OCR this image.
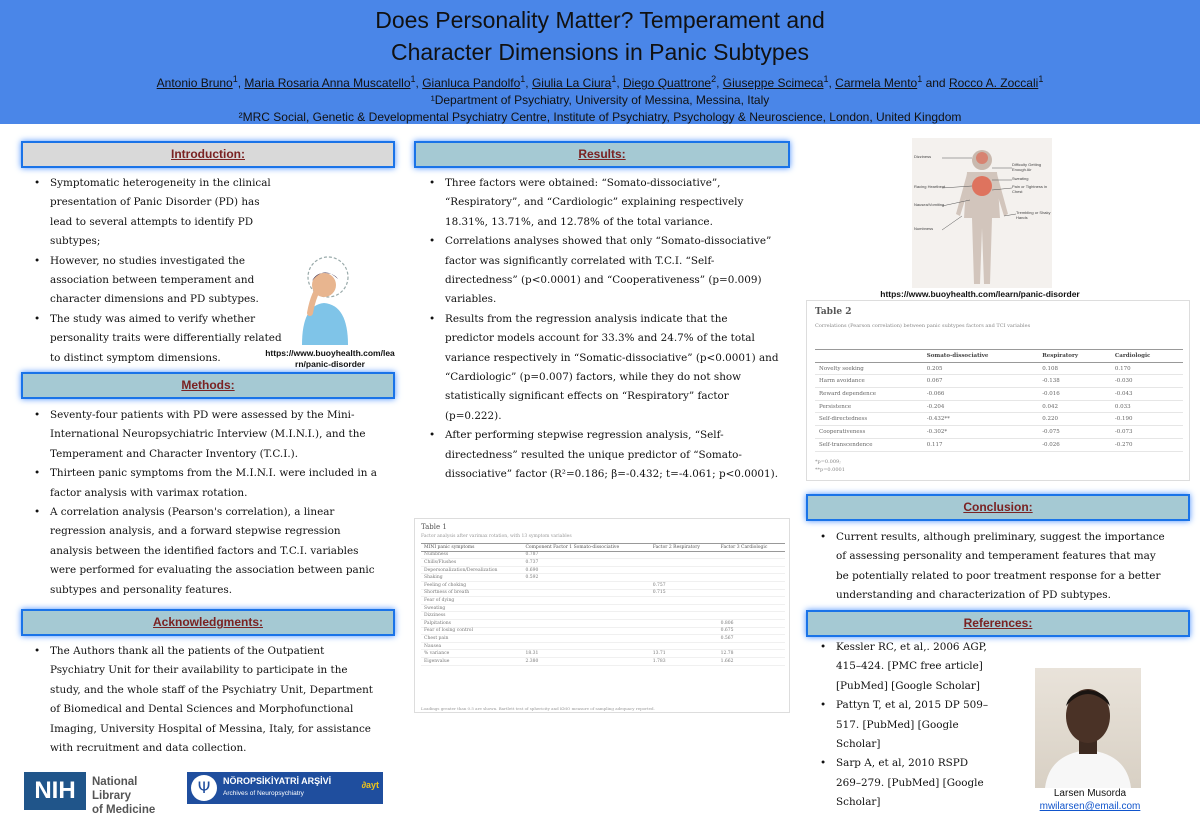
Does Personality Matter? Temperament and
Character Dimensions in Panic Subtypes
Antonio Bruno$^1$, Maria Rosaria Anna Muscatello$^1$, Gianluca Pandolfo$^1$, Giulia La Ciura$^1$, Diego Quattrone$^2$, Giuseppe Scimeca$^1$, Carmela Mento$^1$ and Rocco A. Zoccali$^1$
¹Department of Psychiatry, University of Messina, Messina, Italy
²MRC Social, Genetic & Developmental Psychiatry Centre, Institute of Psychiatry, Psychology & Neuroscience, London, United Kingdom
Introduction:
• Symptomatic heterogeneity in the clinical
presentation of Panic Disorder (PD) has
lead to several attempts to identify PD
subtypes;
• However, no studies investigated the
association between temperament and
character dimensions and PD subtypes.
• The study was aimed to verify whether
personality traits were differentially related
to distinct symptom dimensions.	https://www.buoyhealth.com/lea
rn/panic-disorder
Methods:
• Seventy-four patients with PD were assessed by the Mini-
International Neuropsychiatric Interview (M.I.N.I.), and the
Temperament and Character Inventory (T.C.I.).
• Thirteen panic symptoms from the M.I.N.I. were included in a
factor analysis with varimax rotation.
• A correlation analysis (Pearson's correlation), a linear
regression analysis, and a forward stepwise regression
analysis between the identified factors and T.C.I. variables
were performed for evaluating the association between panic
subtypes and personality features.
Acknowledgments:
• The Authors thank all the patients of the Outpatient
Psychiatry Unit for their availability to participate in the
study, and the whole staff of the Psychiatry Unit, Department
of Biomedical and Dental Sciences and Morphofunctional
Imaging, University Hospital of Messina, Italy, for assistance
with recruitment and data collection.
NIH	National Library
of Medicine
Ψ	NÖROPSİKİYATRİ ARŞİVİ
Archives of Neuropsychiatry
∂ayt
Results:
• Three factors were obtained: “Somato-dissociative”,
“Respiratory”, and “Cardiologic” explaining respectively
18.31%, 13.71%, and 12.78% of the total variance.
• Correlations analyses showed that only “Somato-dissociative”
factor was significantly correlated with T.C.I. “Self-
directedness” (p<0.0001) and “Cooperativeness” (p=0.009)
variables.
• Results from the regression analysis indicate that the
predictor models account for 33.3% and 24.7% of the total
variance respectively in “Somatic-dissociative” (p<0.0001) and
“Cardiologic” (p=0.007) factors, while they do not show
statistically significant effects on “Respiratory” factor
(p=0.222).
• After performing stepwise regression analysis, “Self-
directedness” resulted the unique predictor of “Somato-
dissociative” factor (R²=0.186; β=-0.432; t=-4.061; p<0.0001).
Table 1
Factor analysis after varimax rotation, with 13 symptom variables
MINI panic symptoms	Component Factor 1 Somato-dissociative	Factor 2 Respiratory	Factor 3 Cardiologic
Numbness	0.787		
Chills/Flushes	0.737		
Depersonalization/Derealization	0.690		
Shaking	0.592		
Feeling of choking		0.757	
Shortness of breath		0.715	
Fear of dying			
Sweating			
Dizziness			
Palpitations			0.806
Fear of losing control			0.675
Chest pain			0.567
Nausea			
% variance	18.31	13.71	12.78
Eigenvalue	2.380	1.783	1.662
Loadings greater than 0.5 are shown. Bartlett test of sphericity and KMO measure of sampling adequacy reported.
Dizziness
Racing Heartbeat
Nausea/Vomiting
Numbness
Difficulty Getting Enough Air
Sweating
Pain or Tightness in Chest
Trembling or Shaky Hands
https://www.buoyhealth.com/learn/panic-disorder
Table 2
Correlations (Pearson correlation) between panic subtypes factors and TCI variables
	Somato-dissociative	Respiratory	Cardiologic
Novelty seeking	0.205	0.108	0.170
Harm avoidance	0.067	-0.138	-0.030
Reward dependence	-0.066	-0.016	-0.043
Persistence	-0.204	0.042	0.033
Self-directedness	-0.432**	0.220	-0.190
Cooperativeness	-0.302*	-0.075	-0.073
Self-transcendence	0.117	-0.026	-0.270
*p=0.009;
**p=0.0001
Conclusion:
• Current results, although preliminary, suggest the importance
of assessing personality and temperament features that may
be potentially related to poor treatment response for a better
understanding and characterization of PD subtypes.
References:
• Kessler RC, et al,. 2006 AGP,
415–424. [PMC free article]
[PubMed] [Google Scholar]
• Pattyn T, et al, 2015 DP 509–
517. [PubMed] [Google
Scholar]
• Sarp A, et al, 2010 RSPD
269–279. [PubMed] [Google
Scholar]
Larsen Musorda
mwilarsen@email.com
